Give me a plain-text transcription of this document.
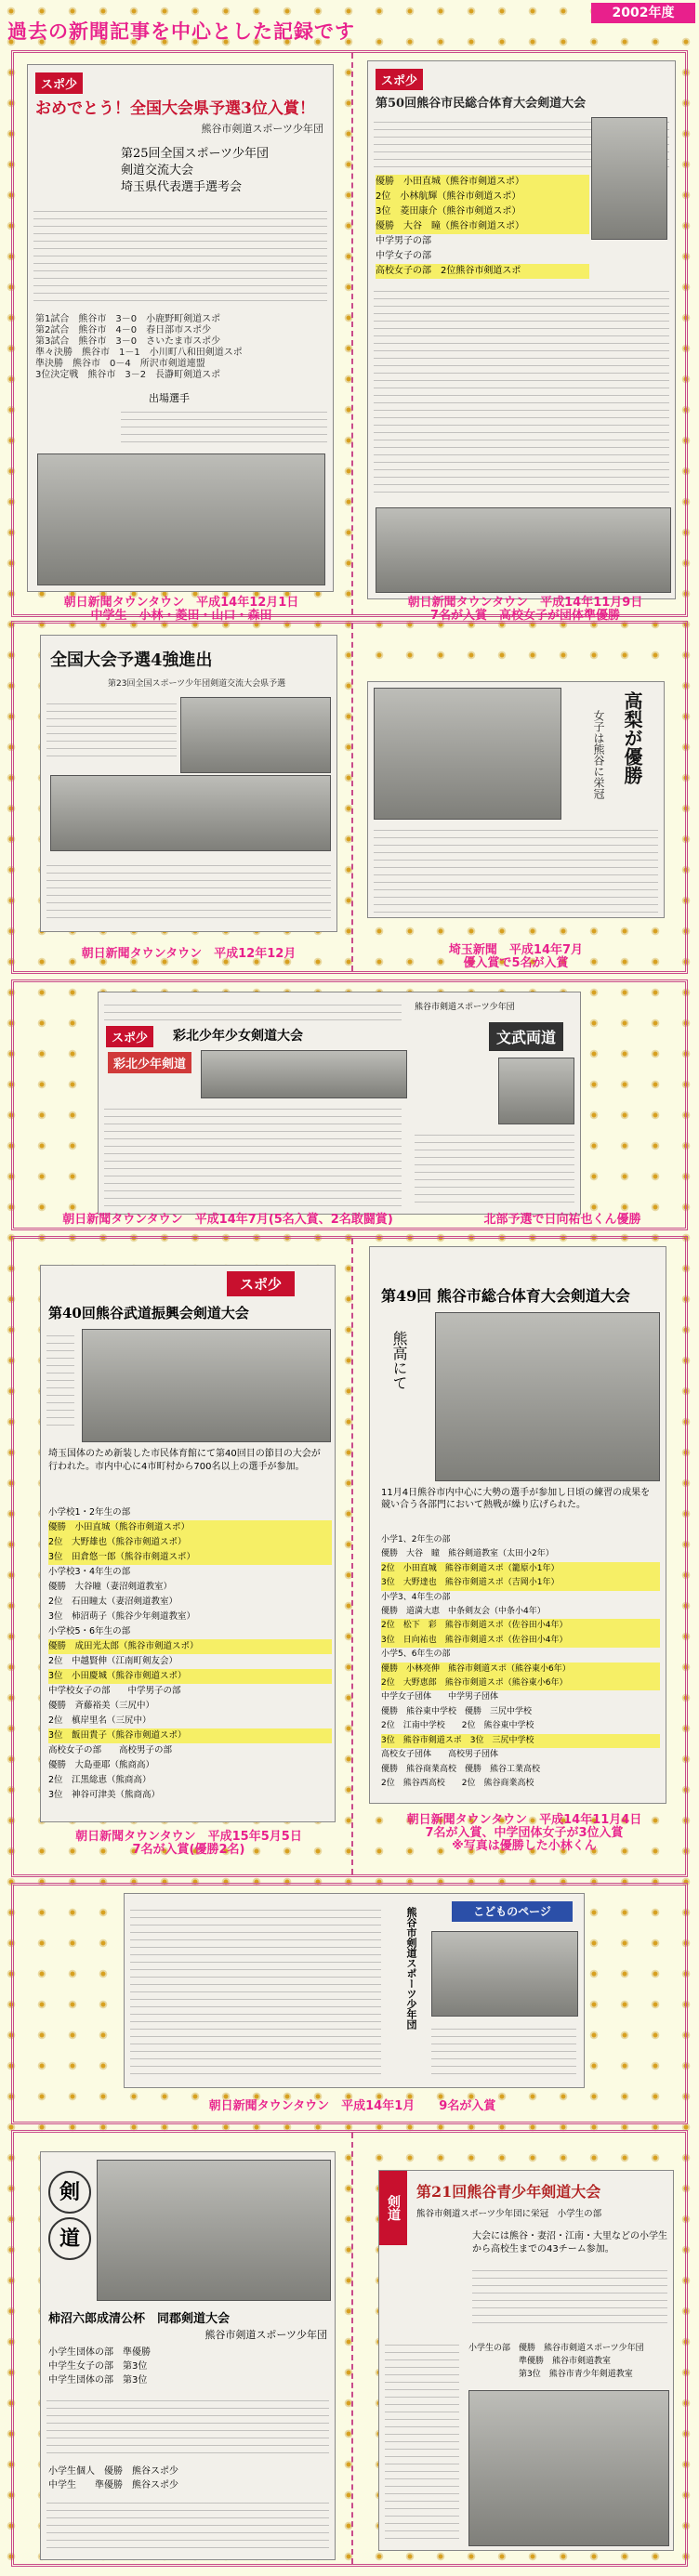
過去の新聞記事を中心とした記録です
2002年度
スポ少
おめでとう！全国大会県予選3位入賞！
熊谷市剣道スポーツ少年団
第25回全国スポーツ少年団
剣道交流大会
埼玉県代表選手選考会
第1試合　熊谷市　3－0　小鹿野町剣道スポ
第2試合　熊谷市　4－0　春日部市スポ少
第3試合　熊谷市　3－0　さいたま市スポ少
準々決勝　熊谷市　1－1　小川町八和田剣道スポ
準決勝　熊谷市　0－4　所沢市剣道連盟
3位決定戦　熊谷市　3－2　長瀞町剣道スポ
出場選手
スポ少
第50回熊谷市民総合体育大会剣道大会
優勝　小田直城（熊谷市剣道スポ）
2位　小林航輝（熊谷市剣道スポ）
3位　菱田康介（熊谷市剣道スポ）
優勝　大谷　瞳（熊谷市剣道スポ）
中学男子の部
中学女子の部
高校女子の部　2位熊谷市剣道スポ
朝日新聞タウンタウン　平成14年12月1日
中学生　小林・菱田・山口・森田
朝日新聞タウンタウン　平成14年11月9日
7名が入賞　高校女子が団体準優勝
全国大会予選4強進出
第23回全国スポーツ少年団剣道交流大会県予選
高梨が優勝
女子は熊谷に栄冠
朝日新聞タウンタウン　平成12年12月	埼玉新聞　平成14年7月
優入賞で5名が入賞
スポ少	彩北少年少女剣道大会
彩北少年剣道
文武両道
熊谷市剣道スポーツ少年団
朝日新聞タウンタウン　平成14年7月(5名入賞、2名敢闘賞)	北部予選で日向祐也くん優勝
スポ少
第40回熊谷武道振興会剣道大会
埼玉国体のため新装した市民体育館にて第40回目の節目の大会が行われた。市内中心に4市町村から700名以上の選手が参加。
小学校1・2年生の部
優勝　小田直城（熊谷市剣道スポ）
2位　大野雄也（熊谷市剣道スポ）
3位　田倉悠一郎（熊谷市剣道スポ）
小学校3・4年生の部
優勝　大谷瞳（妻沼剣道教室）
2位　石田瞳太（妻沼剣道教室）
3位　柿沼萌子（熊谷少年剣道教室）
小学校5・6年生の部
優勝　成田光太郎（熊谷市剣道スポ）
2位　中越賢伸（江南町剣友会）
3位　小田慶城（熊谷市剣道スポ）
中学校女子の部　　中学男子の部
優勝　斉藤裕美（三尻中）
2位　槙岸里名（三尻中）
3位　飯田貴子（熊谷市剣道スポ）
高校女子の部　　高校男子の部
優勝　大島亜耶（熊商高）
2位　江黒総恵（熊商高）
3位　神谷可津美（熊商高）
第49回 熊谷市総合体育大会剣道大会
熊高にて
11月4日熊谷市内中心に大勢の選手が参加し日頃の練習の成果を競い合う各部門において熱戦が繰り広げられた。
小学1、2年生の部
優勝　大谷　瞳　熊谷剣道教室（太田小2年）
2位　小田直城　熊谷市剣道スポ（籠原小1年）
3位　大野達也　熊谷市剣道スポ（吉岡小1年）
小学3、4年生の部
優勝　道満大恵　中条剣友会（中条小4年）
2位　松下　彩　熊谷市剣道スポ（佐谷田小4年）
3位　日向祐也　熊谷市剣道スポ（佐谷田小4年）
小学5、6年生の部
優勝　小林亮伸　熊谷市剣道スポ（熊谷東小6年）
2位　大野恵郎　熊谷市剣道スポ（熊谷東小6年）
中学女子団体　　中学男子団体
優勝　熊谷東中学校　優勝　三尻中学校
2位　江南中学校　　2位　熊谷東中学校
3位　熊谷市剣道スポ　3位　三尻中学校
高校女子団体　　高校男子団体
優勝　熊谷商業高校　優勝　熊谷工業高校
2位　熊谷西高校　　2位　熊谷商業高校
朝日新聞タウンタウン　平成15年5月5日
7名が入賞(優勝2名)
朝日新聞タウンタウン　平成14年11月4日
7名が入賞、中学団体女子が3位入賞
※写真は優勝した小林くん
熊谷市剣道スポーツ少年団	こどものページ
朝日新聞タウンタウン　平成14年1月　　9名が入賞
剣
道
柿沼六郎成清公杯　同郡剣道大会
熊谷市剣道スポーツ少年団
小学生団体の部　準優勝
中学生女子の部　第3位
中学生団体の部　第3位
小学生個人　優勝　熊谷スポ少
中学生　　準優勝　熊谷スポ少
剣道
第21回熊谷青少年剣道大会
熊谷市剣道スポーツ少年団に栄冠　小学生の部
大会には熊谷・妻沼・江南・大里などの小学生から高校生までの43チーム参加。
小学生の部　優勝　熊谷市剣道スポーツ少年団
　　　　　　準優勝　熊谷市剣道教室
　　　　　　第3位　熊谷市青少年剣道教室
